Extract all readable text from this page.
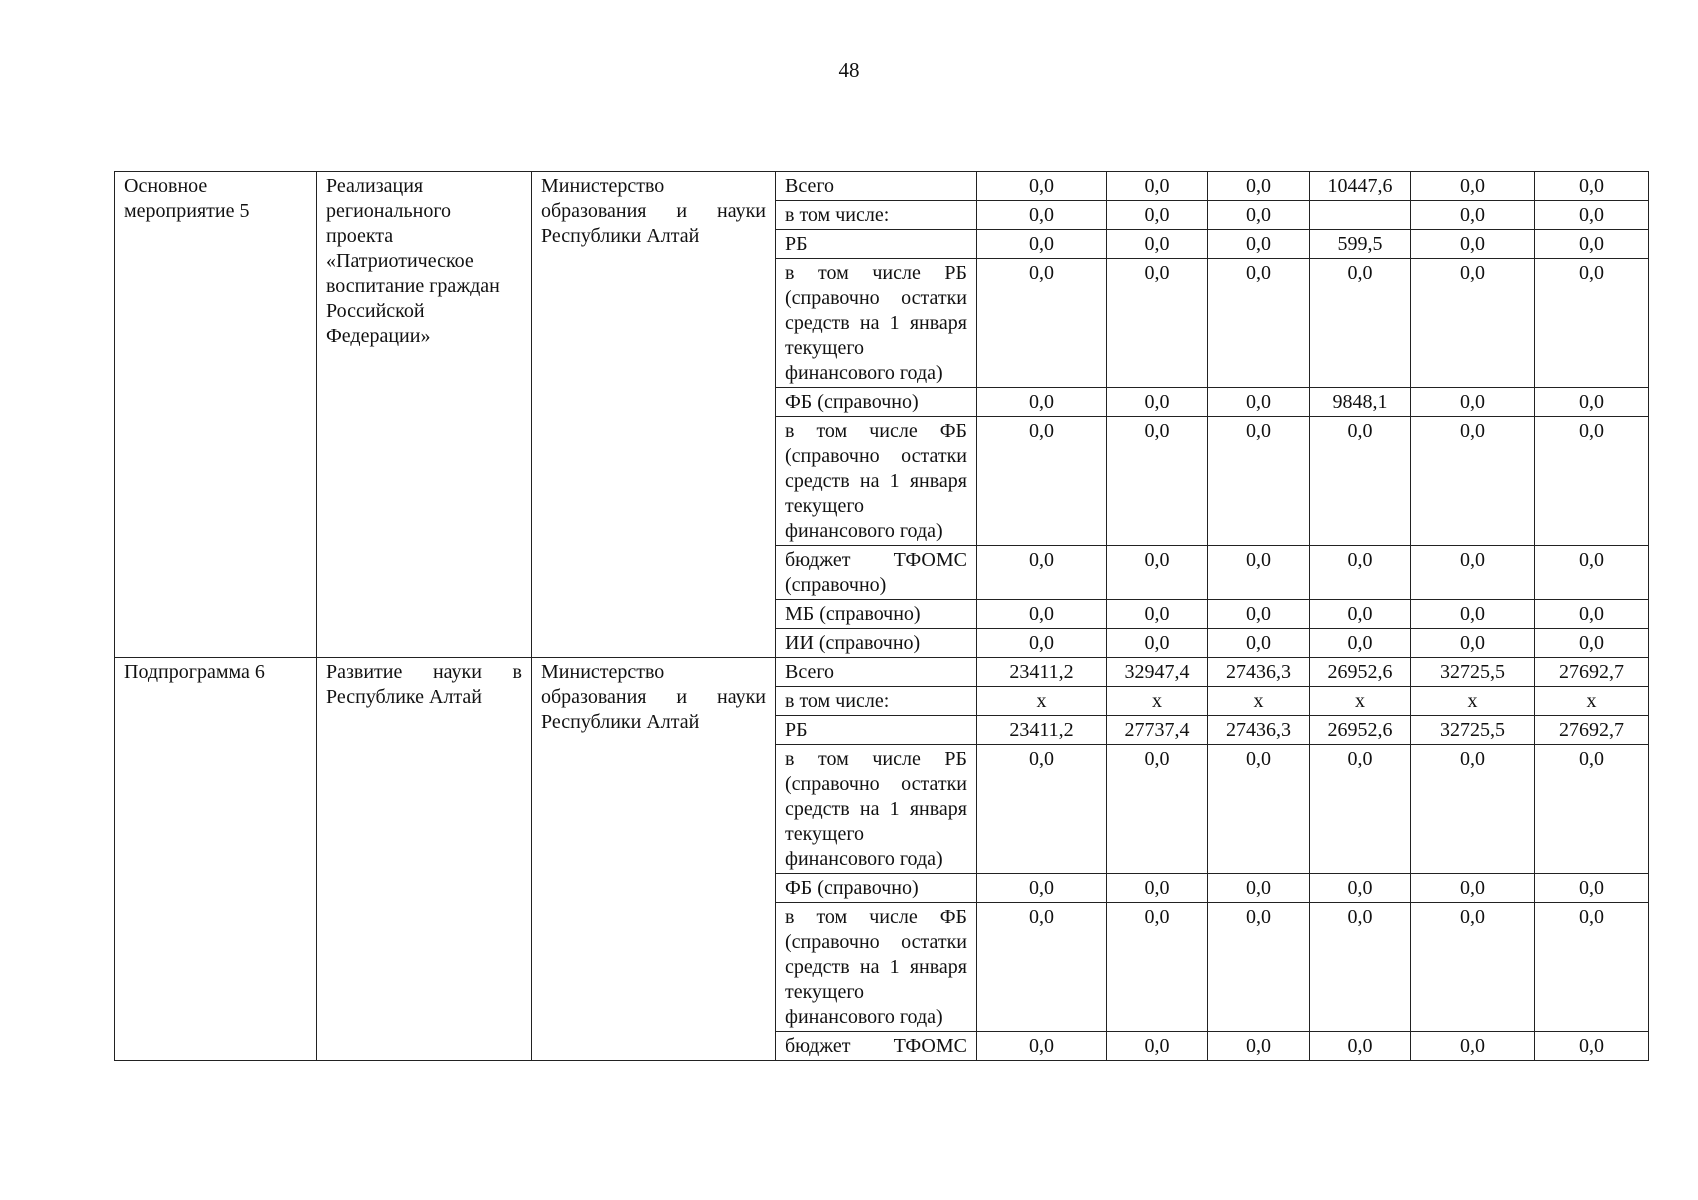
48
Основное мероприятие 5	Реализация регионального проекта «Патриотическое воспитание граждан Российской Федерации»	Министерство образования и науки Республики Алтай	Всего	0,0	0,0	0,0	10447,6	0,0	0,0
			в том числе:	0,0	0,0	0,0		0,0	0,0
			РБ	0,0	0,0	0,0	599,5	0,0	0,0
			в том числе РБ (справочно остатки средств на 1 января текущего финансового года)	0,0	0,0	0,0	0,0	0,0	0,0
			ФБ (справочно)	0,0	0,0	0,0	9848,1	0,0	0,0
			в том числе ФБ (справочно остатки средств на 1 января текущего финансового года)	0,0	0,0	0,0	0,0	0,0	0,0
			бюджет ТФОМС (справочно)	0,0	0,0	0,0	0,0	0,0	0,0
			МБ (справочно)	0,0	0,0	0,0	0,0	0,0	0,0
			ИИ (справочно)	0,0	0,0	0,0	0,0	0,0	0,0
Подпрограмма 6	Развитие науки в Республике Алтай	Министерство образования и науки Республики Алтай	Всего	23411,2	32947,4	27436,3	26952,6	32725,5	27692,7
			в том числе:	x	x	x	x	x	x
			РБ	23411,2	27737,4	27436,3	26952,6	32725,5	27692,7
			в том числе РБ (справочно остатки средств на 1 января текущего финансового года)	0,0	0,0	0,0	0,0	0,0	0,0
			ФБ (справочно)	0,0	0,0	0,0	0,0	0,0	0,0
			в том числе ФБ (справочно остатки средств на 1 января текущего финансового года)	0,0	0,0	0,0	0,0	0,0	0,0
			бюджет ТФОМС	0,0	0,0	0,0	0,0	0,0	0,0
